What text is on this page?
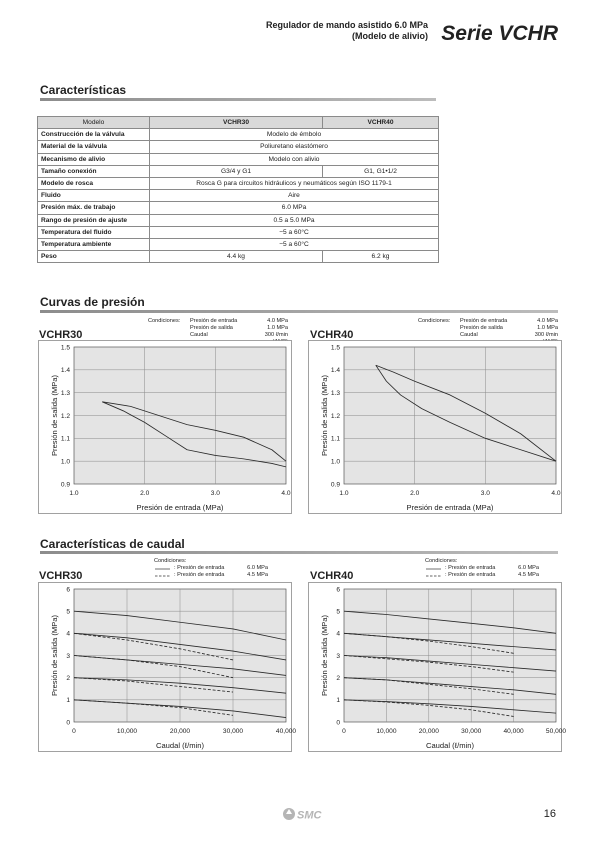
Regulador de mando asistido 6.0 MPa
(Modelo de alivio) Serie VCHR
Características
Modelo	VCHR30	VCHR40
Construcción de la válvula	Modelo de émbolo	
Material de la válvula	Poliuretano elastómero	
Mecanismo de alivio	Modelo con alivio	
Tamaño conexión	G3/4 y G1	G1, G1•1/2
Modelo de rosca	Rosca G para circuitos hidráulicos y neumáticos según ISO 1179-1	
Fluido	Aire	
Presión máx. de trabajo	6.0 MPa	
Rango de presión de ajuste	0.5 a 5.0 MPa	
Temperatura del fluido	−5 a 60°C	
Temperatura ambiente	−5 a 60°C	
Peso	4.4 kg	6.2 kg
Curvas de presión
Condiciones:	Presión de entrada	4.0 MPa
Presión de salida	1.0 MPa
Caudal	300 ℓ/min
VCHR30
Condiciones:	Presión de entrada	4.0 MPa
Presión de salida	1.0 MPa
Caudal	300 ℓ/min
VCHR40
1.0	2.0	3.0	4.0
0.9
1.0
1.1
1.2
1.3
1.4
1.5
Presión de entrada (MPa)
Presión de salida (MPa)
1.0	2.0	3.0	4.0
0.9
1.0
1.1
1.2
1.3
1.4
1.5
Presión de entrada (MPa)
Presión de salida (MPa)
Características de caudal
Condiciones:
: Presión de entrada	6.0 MPa
: Presión de entrada	4.5 MPa
VCHR30
Condiciones:
: Presión de entrada	6.0 MPa
: Presión de entrada	4.5 MPa
VCHR40
0	10,000	20,000	30,000	40,000
0
1
2
3
4
5
6
Caudal (ℓ/min)
Presión de salida (MPa)
0	10,000	20,000	30,000	40,000	50,000
0
1
2
3
4
5
6
Caudal (ℓ/min)
Presión de salida (MPa)
SMC	16
